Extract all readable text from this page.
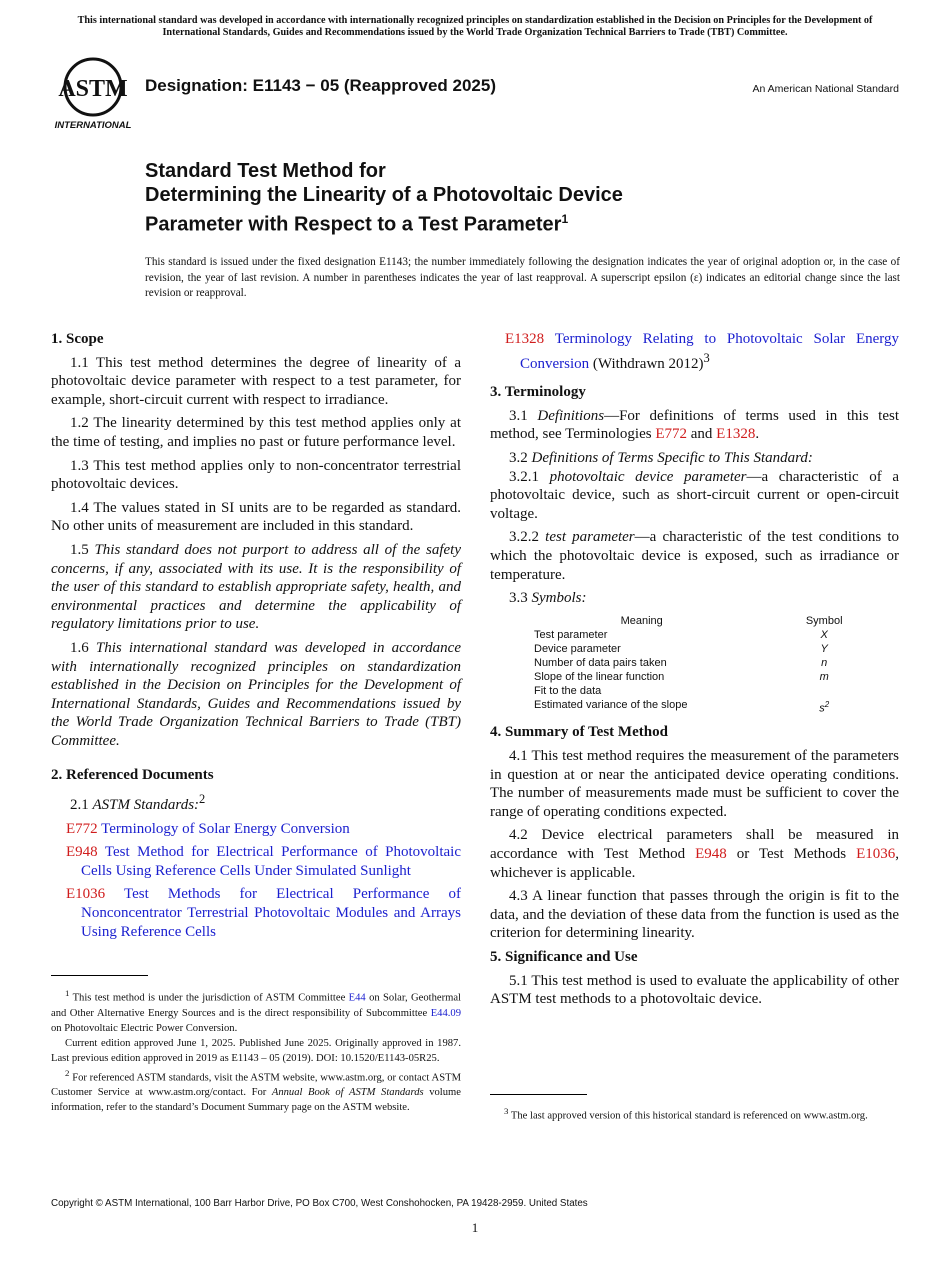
This international standard was developed in accordance with internationally recognized principles on standardization established in the Decision on Principles for the Development of International Standards, Guides and Recommendations issued by the World Trade Organization Technical Barriers to Trade (TBT) Committee.
ASTM
INTERNATIONAL
Designation: E1143 − 05 (Reapproved 2025)	An American National Standard
Standard Test Method for
Determining the Linearity of a Photovoltaic Device
Parameter with Respect to a Test Parameter$^1$
This standard is issued under the fixed designation E1143; the number immediately following the designation indicates the year of original adoption or, in the case of revision, the year of last revision. A number in parentheses indicates the year of last reapproval. A superscript epsilon (ε) indicates an editorial change since the last revision or reapproval.

1. Scope

1.1 This test method determines the degree of linearity of a photovoltaic device parameter with respect to a test parameter, for example, short-circuit current with respect to irradiance.

1.2 The linearity determined by this test method applies only at the time of testing, and implies no past or future performance level.

1.3 This test method applies only to non-concentrator terrestrial photovoltaic devices.

1.4 The values stated in SI units are to be regarded as standard. No other units of measurement are included in this standard.

1.5 This standard does not purport to address all of the safety concerns, if any, associated with its use. It is the responsibility of the user of this standard to establish appropriate safety, health, and environmental practices and determine the applicability of regulatory limitations prior to use.

1.6 This international standard was developed in accordance with internationally recognized principles on standardization established in the Decision on Principles for the Development of International Standards, Guides and Recommendations issued by the World Trade Organization Technical Barriers to Trade (TBT) Committee.

2. Referenced Documents

2.1 ASTM Standards:$^2$

E772 Terminology of Solar Energy Conversion

E948 Test Method for Electrical Performance of Photovoltaic Cells Using Reference Cells Under Simulated Sunlight

E1036 Test Methods for Electrical Performance of Nonconcentrator Terrestrial Photovoltaic Modules and Arrays Using Reference Cells

$^1$ This test method is under the jurisdiction of ASTM Committee E44 on Solar, Geothermal and Other Alternative Energy Sources and is the direct responsibility of Subcommittee E44.09 on Photovoltaic Electric Power Conversion.

Current edition approved June 1, 2025. Published June 2025. Originally approved in 1987. Last previous edition approved in 2019 as E1143 – 05 (2019). DOI: 10.1520/E1143-05R25.

$^2$ For referenced ASTM standards, visit the ASTM website, www.astm.org, or contact ASTM Customer Service at www.astm.org/contact. For Annual Book of ASTM Standards volume information, refer to the standard’s Document Summary page on the ASTM website.

E1328 Terminology Relating to Photovoltaic Solar Energy Conversion (Withdrawn 2012)$^3$

3. Terminology

3.1 Definitions—For definitions of terms used in this test method, see Terminologies E772 and E1328.

3.2 Definitions of Terms Specific to This Standard:

3.2.1 photovoltaic device parameter—a characteristic of a photovoltaic device, such as short-circuit current or open-circuit voltage.

3.2.2 test parameter—a characteristic of the test conditions to which the photovoltaic device is exposed, such as irradiance or temperature.

3.3 Symbols:

Meaning	Symbol
Test parameter	X
Device parameter	Y
Number of data pairs taken	n
Slope of the linear function	m
Fit to the data	
Estimated variance of the slope	$s^2$

4. Summary of Test Method

4.1 This test method requires the measurement of the parameters in question at or near the anticipated device operating conditions. The number of measurements made must be sufficient to cover the range of operating conditions expected.

4.2 Device electrical parameters shall be measured in accordance with Test Method E948 or Test Methods E1036, whichever is applicable.

4.3 A linear function that passes through the origin is fit to the data, and the deviation of these data from the function is used as the criterion for determining linearity.

5. Significance and Use

5.1 This test method is used to evaluate the applicability of other ASTM test methods to a photovoltaic device.

$^3$ The last approved version of this historical standard is referenced on www.astm.org.

Copyright © ASTM International, 100 Barr Harbor Drive, PO Box C700, West Conshohocken, PA 19428-2959. United States
1
